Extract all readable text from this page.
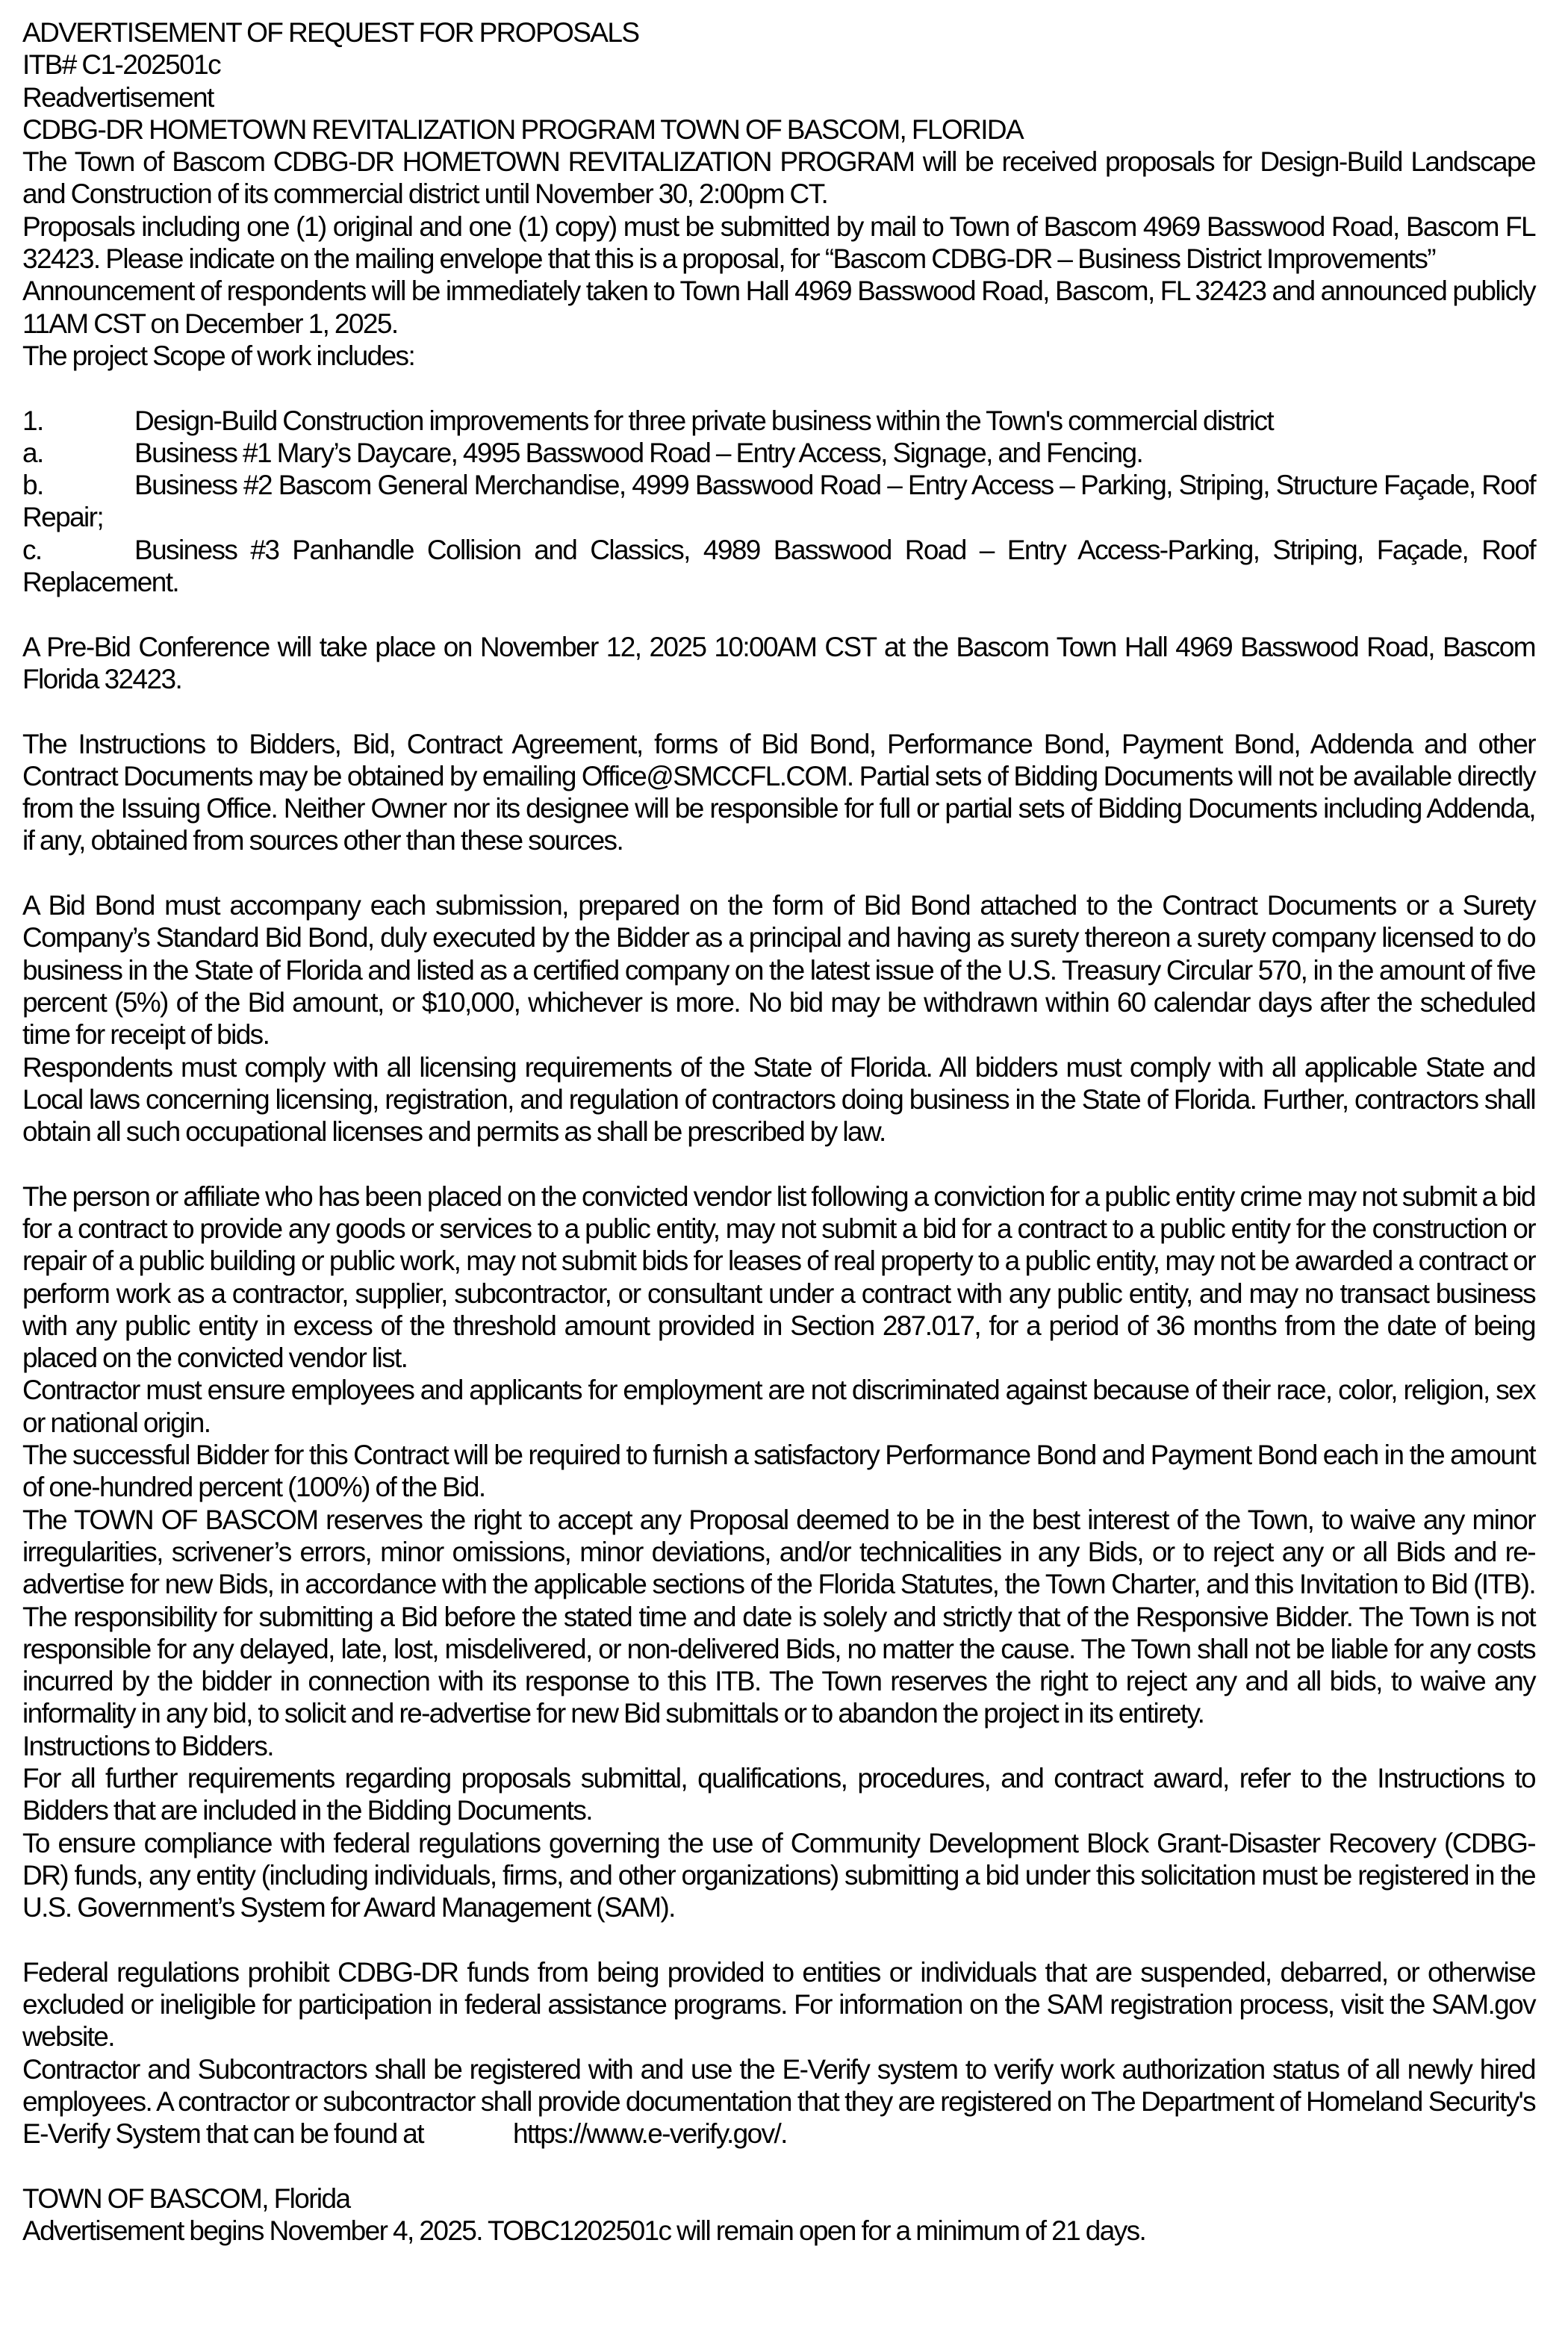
ADVERTISEMENT OF REQUEST FOR PROPOSALS

ITB# C1-202501c

Readvertisement

CDBG-DR HOMETOWN REVITALIZATION PROGRAM TOWN OF BASCOM, FLORIDA

The Town of Bascom CDBG-DR HOMETOWN REVITALIZATION PROGRAM will be received proposals for Design-Build Landscape and Construction of its commercial district until November 30, 2:00pm CT.

Proposals including one (1) original and one (1) copy) must be submitted by mail to Town of Bascom 4969 Basswood Road, Bascom FL 32423. Please indicate on the mailing envelope that this is a proposal, for “Bascom CDBG-DR – Business District Improvements”

Announcement of respondents will be immediately taken to Town Hall 4969 Basswood Road, Bascom, FL 32423 and announced publicly 11AM CST on December 1, 2025.

The project Scope of work includes:

1.	Design-Build Construction improvements for three private business within the Town's commercial district

a.	Business #1 Mary’s Daycare, 4995 Basswood Road – Entry Access, Signage, and Fencing.

b.	Business #2 Bascom General Merchandise, 4999 Basswood Road – Entry Access – Parking, Striping, Structure Façade, Roof Repair;

c.	Business #3 Panhandle Collision and Classics, 4989 Basswood Road – Entry Access-Parking, Striping, Façade, Roof Replacement.

A Pre-Bid Conference will take place on November 12, 2025 10:00AM CST at the Bascom Town Hall 4969 Basswood Road, Bascom Florida 32423.

The Instructions to Bidders, Bid, Contract Agreement, forms of Bid Bond, Performance Bond, Payment Bond, Addenda and other Contract Documents may be obtained by emailing Office@SMCCFL.COM. Partial sets of Bidding Documents will not be available directly from the Issuing Office. Neither Owner nor its designee will be responsible for full or partial sets of Bidding Documents including Addenda, if any, obtained from sources other than these sources.

A Bid Bond must accompany each submission, prepared on the form of Bid Bond attached to the Contract Documents or a Surety Company’s Standard Bid Bond, duly executed by the Bidder as a principal and having as surety thereon a surety company licensed to do business in the State of Florida and listed as a certified company on the latest issue of the U.S. Treasury Circular 570, in the amount of five percent (5%) of the Bid amount, or $10,000, whichever is more. No bid may be withdrawn within 60 calendar days after the scheduled time for receipt of bids.

Respondents must comply with all licensing requirements of the State of Florida. All bidders must comply with all applicable State and Local laws concerning licensing, registration, and regulation of contractors doing business in the State of Florida. Further, contractors shall obtain all such occupational licenses and permits as shall be prescribed by law.

The person or affiliate who has been placed on the convicted vendor list following a conviction for a public entity crime may not submit a bid for a contract to provide any goods or services to a public entity, may not submit a bid for a contract to a public entity for the construction or repair of a public building or public work, may not submit bids for leases of real property to a public entity, may not be awarded a contract or perform work as a contractor, supplier, subcontractor, or consultant under a contract with any public entity, and may no transact business with any public entity in excess of the threshold amount provided in Section 287.017, for a period of 36 months from the date of being placed on the convicted vendor list.

Contractor must ensure employees and applicants for employment are not discriminated against because of their race, color, religion, sex or national origin.

The successful Bidder for this Contract will be required to furnish a satisfactory Performance Bond and Payment Bond each in the amount of one-hundred percent (100%) of the Bid.

The TOWN OF BASCOM reserves the right to accept any Proposal deemed to be in the best interest of the Town, to waive any minor irregularities, scrivener’s errors, minor omissions, minor deviations, and/or technicalities in any Bids, or to reject any or all Bids and re-advertise for new Bids, in accordance with the applicable sections of the Florida Statutes, the Town Charter, and this Invitation to Bid (ITB). The responsibility for submitting a Bid before the stated time and date is solely and strictly that of the Responsive Bidder. The Town is not responsible for any delayed, late, lost, misdelivered, or non-delivered Bids, no matter the cause. The Town shall not be liable for any costs incurred by the bidder in connection with its response to this ITB. The Town reserves the right to reject any and all bids, to waive any informality in any bid, to solicit and re-advertise for new Bid submittals or to abandon the project in its entirety.

Instructions to Bidders.

For all further requirements regarding proposals submittal, qualifications, procedures, and contract award, refer to the Instructions to Bidders that are included in the Bidding Documents.

To ensure compliance with federal regulations governing the use of Community Development Block Grant-Disaster Recovery (CDBG-DR) funds, any entity (including individuals, firms, and other organizations) submitting a bid under this solicitation must be registered in the U.S. Government’s System for Award Management (SAM).

Federal regulations prohibit CDBG-DR funds from being provided to entities or individuals that are suspended, debarred, or otherwise excluded or ineligible for participation in federal assistance programs. For information on the SAM registration process, visit the SAM.gov website.

Contractor and Subcontractors shall be registered with and use the E-Verify system to verify work authorization status of all newly hired employees. A contractor or subcontractor shall provide documentation that they are registered on The Department of Homeland Security's E-Verify System that can be found at	https://www.e-verify.gov/.

TOWN OF BASCOM, Florida

Advertisement begins November 4, 2025. TOBC1202501c will remain open for a minimum of 21 days.
